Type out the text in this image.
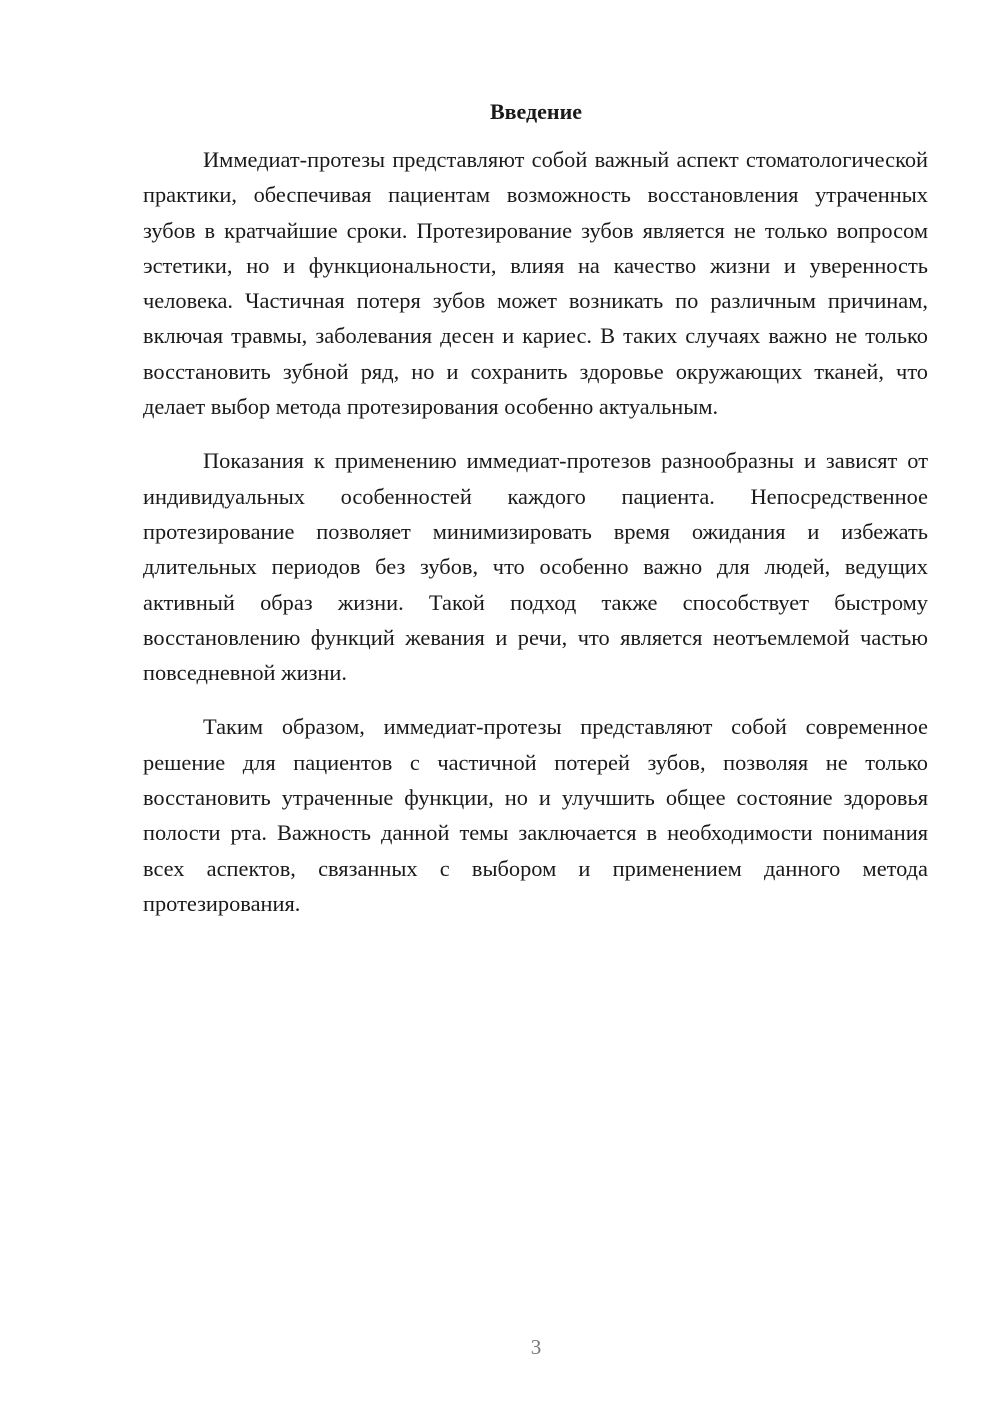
Введение

Иммедиат-протезы представляют собой важный аспект стоматологической практики, обеспечивая пациентам возможность восстановления утраченных зубов в кратчайшие сроки. Протезирование зубов является не только вопросом эстетики, но и функциональности, влияя на качество жизни и уверенность человека. Частичная потеря зубов может возникать по различным причинам, включая травмы, заболевания десен и кариес. В таких случаях важно не только восстановить зубной ряд, но и сохранить здоровье окружающих тканей, что делает выбор метода протезирования особенно актуальным.

Показания к применению иммедиат-протезов разнообразны и зависят от индивидуальных особенностей каждого пациента. Непосредственное протезирование позволяет минимизировать время ожидания и избежать длительных периодов без зубов, что особенно важно для людей, ведущих активный образ жизни. Такой подход также способствует быстрому восстановлению функций жевания и речи, что является неотъемлемой частью повседневной жизни.

Таким образом, иммедиат-протезы представляют собой современное решение для пациентов с частичной потерей зубов, позволяя не только восстановить утраченные функции, но и улучшить общее состояние здоровья полости рта. Важность данной темы заключается в необходимости понимания всех аспектов, связанных с выбором и применением данного метода протезирования.

3
